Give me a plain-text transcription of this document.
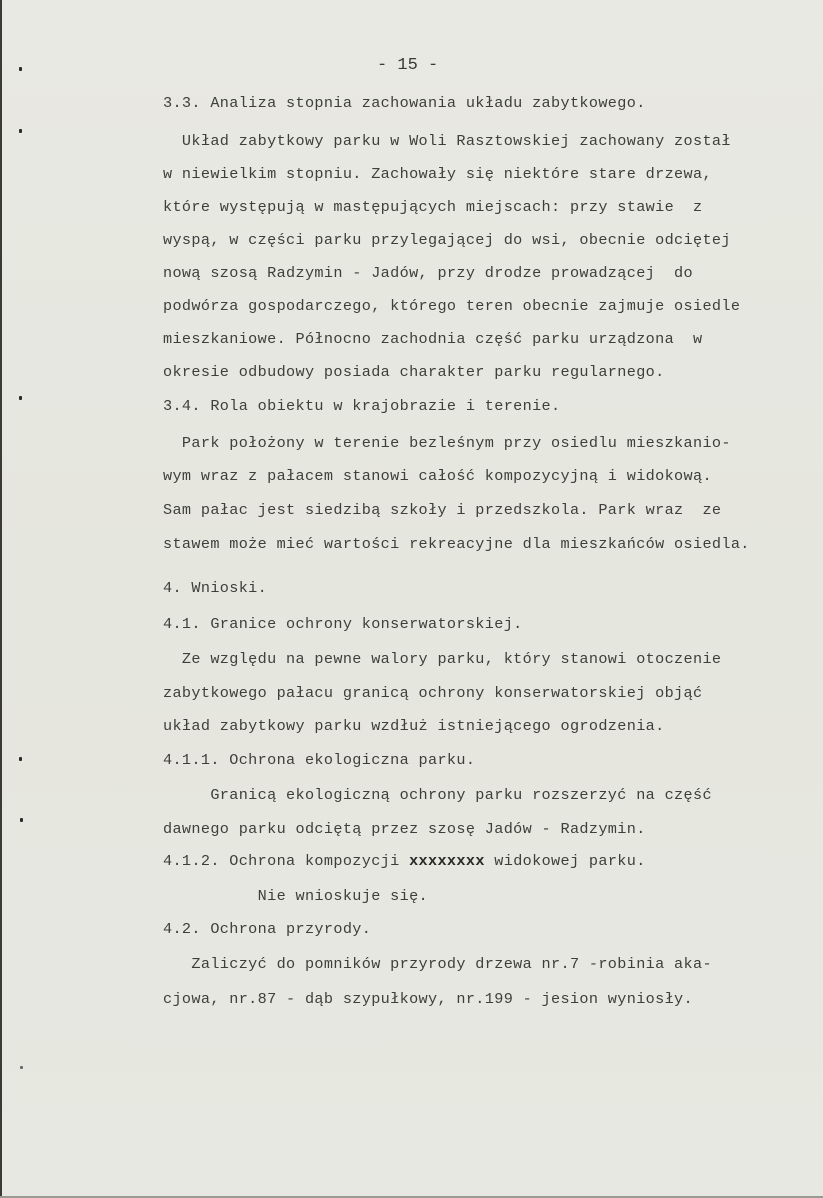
- 15 -
3.3. Analiza stopnia zachowania układu zabytkowego.
Układ zabytkowy parku w Woli Rasztowskiej zachowany został
w niewielkim stopniu. Zachowały się niektóre stare drzewa,
które występują w mastępujących miejscach: przy stawie  z
wyspą, w części parku przylegającej do wsi, obecnie odciętej
nową szosą Radzymin - Jadów, przy drodze prowadzącej  do
podwórza gospodarczego, którego teren obecnie zajmuje osiedle
mieszkaniowe. Północno zachodnia część parku urządzona  w
okresie odbudowy posiada charakter parku regularnego.
3.4. Rola obiektu w krajobrazie i terenie.
Park położony w terenie bezleśnym przy osiedlu mieszkanio-
wym wraz z pałacem stanowi całość kompozycyjną i widokową.
Sam pałac jest siedzibą szkoły i przedszkola. Park wraz  ze
stawem może mieć wartości rekreacyjne dla mieszkańców osiedla.
4. Wnioski.
4.1. Granice ochrony konserwatorskiej.
Ze względu na pewne walory parku, który stanowi otoczenie
zabytkowego pałacu granicą ochrony konserwatorskiej objąć
układ zabytkowy parku wzdłuż istniejącego ogrodzenia.
4.1.1. Ochrona ekologiczna parku.
Granicą ekologiczną ochrony parku rozszerzyć na część
dawnego parku odciętą przez szosę Jadów - Radzymin.
4.1.2. Ochrona kompozycji xxxxxxxx widokowej parku.
Nie wnioskuje się.
4.2. Ochrona przyrody.
Zaliczyć do pomników przyrody drzewa nr.7 -robinia aka-
cjowa, nr.87 - dąb szypułkowy, nr.199 - jesion wyniosły.
